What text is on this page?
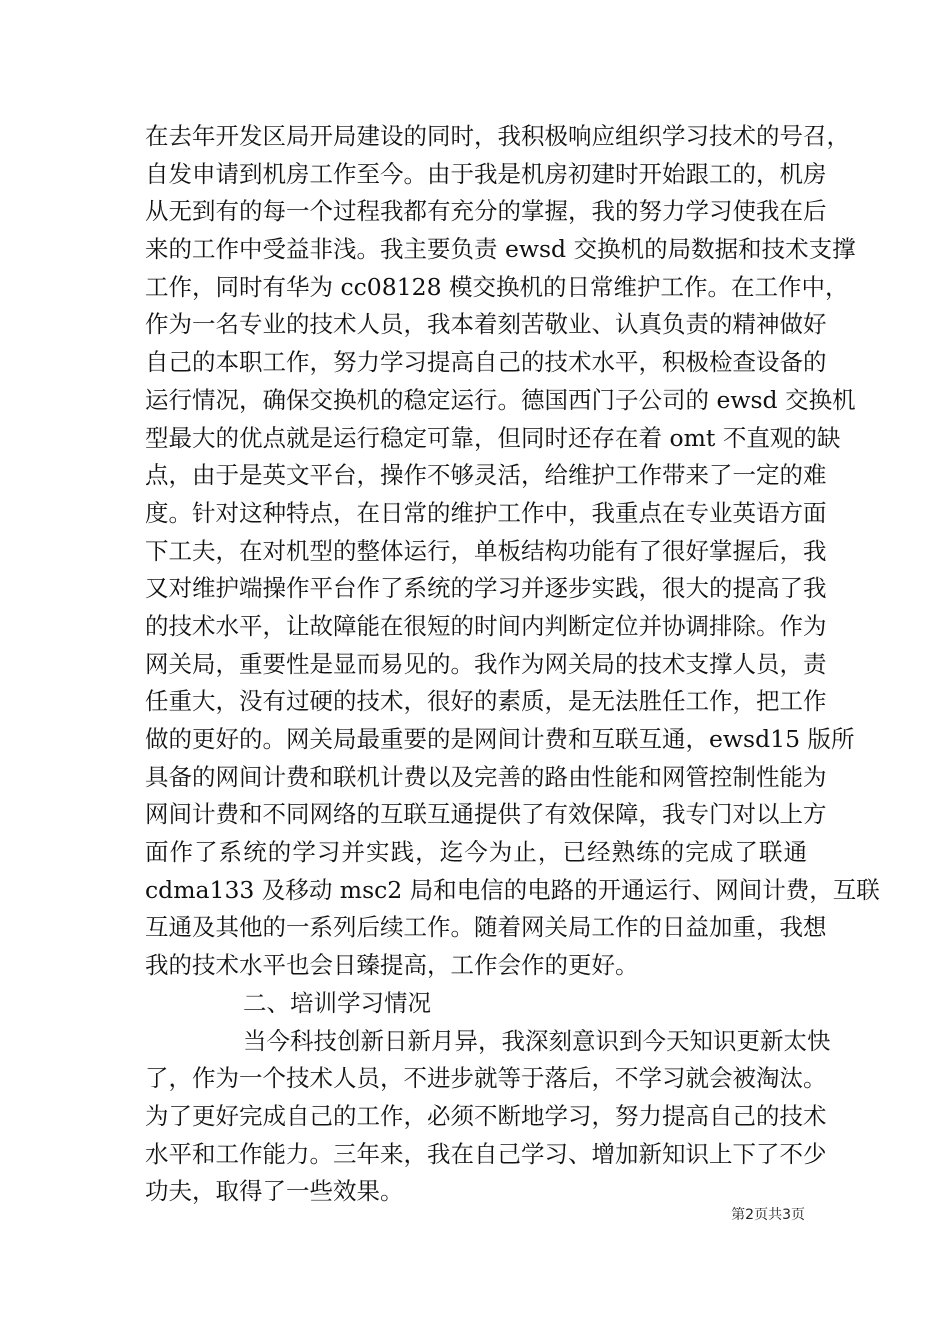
在去年开发区局开局建设的同时，我积极响应组织学习技术的号召，
自发申请到机房工作至今。由于我是机房初建时开始跟工的，机房
从无到有的每一个过程我都有充分的掌握，我的努力学习使我在后
来的工作中受益非浅。我主要负责 ewsd 交换机的局数据和技术支撑
工作，同时有华为 cc08128 模交换机的日常维护工作。在工作中，
作为一名专业的技术人员，我本着刻苦敬业、认真负责的精神做好
自己的本职工作，努力学习提高自己的技术水平，积极检查设备的
运行情况，确保交换机的稳定运行。德国西门子公司的 ewsd 交换机
型最大的优点就是运行稳定可靠，但同时还存在着 omt 不直观的缺
点，由于是英文平台，操作不够灵活，给维护工作带来了一定的难
度。针对这种特点，在日常的维护工作中，我重点在专业英语方面
下工夫，在对机型的整体运行，单板结构功能有了很好掌握后，我
又对维护端操作平台作了系统的学习并逐步实践，很大的提高了我
的技术水平，让故障能在很短的时间内判断定位并协调排除。作为
网关局，重要性是显而易见的。我作为网关局的技术支撑人员，责
任重大，没有过硬的技术，很好的素质，是无法胜任工作，把工作
做的更好的。网关局最重要的是网间计费和互联互通，ewsd15 版所
具备的网间计费和联机计费以及完善的路由性能和网管控制性能为
网间计费和不同网络的互联互通提供了有效保障，我专门对以上方
面作了系统的学习并实践，迄今为止，已经熟练的完成了联通
cdma133 及移动 msc2 局和电信的电路的开通运行、网间计费，互联
互通及其他的一系列后续工作。随着网关局工作的日益加重，我想
我的技术水平也会日臻提高，工作会作的更好。
二、培训学习情况
当今科技创新日新月异，我深刻意识到今天知识更新太快
了，作为一个技术人员，不进步就等于落后，不学习就会被淘汰。
为了更好完成自己的工作，必须不断地学习，努力提高自己的技术
水平和工作能力。三年来，我在自己学习、增加新知识上下了不少
功夫，取得了一些效果。
第2页共3页
